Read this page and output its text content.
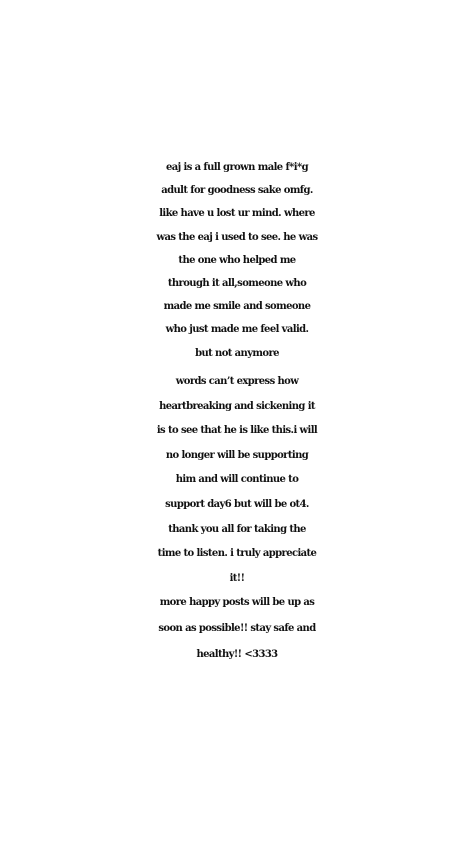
eaj is a full grown male f*i*g
adult for goodness sake omfg.
like have u lost ur mind. where
was the eaj i used to see. he was
the one who helped me
through it all,someone who
made me smile and someone
who just made me feel valid.
but not anymore

words can’t express how
heartbreaking and sickening it
is to see that he is like this.i will
no longer will be supporting
him and will continue to
support day6 but will be ot4.
thank you all for taking the
time to listen. i truly appreciate
it!!

more happy posts will be up as
soon as possible!! stay safe and
healthy!! <3333
